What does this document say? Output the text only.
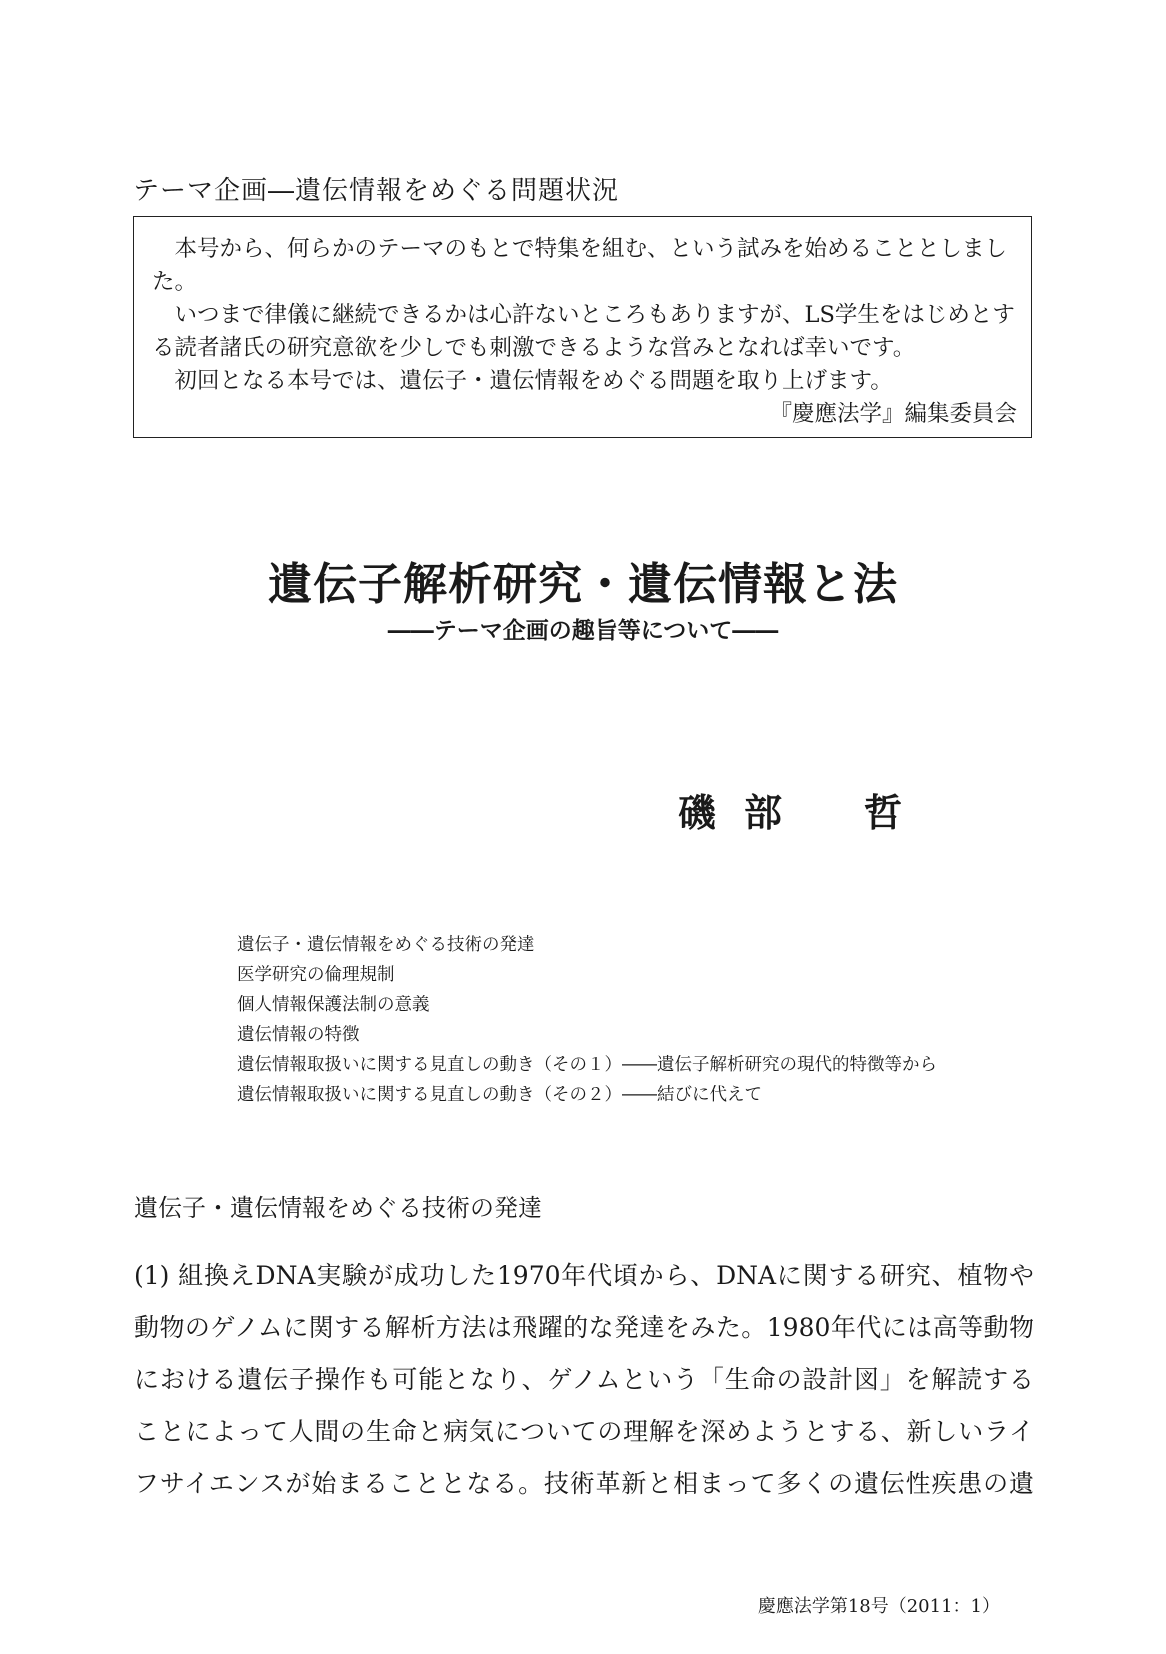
テーマ企画―遺伝情報をめぐる問題状況

本号から、何らかのテーマのもとで特集を組む、という試みを始めることとしました。

いつまで律儀に継続できるかは心許ないところもありますが、LS学生をはじめとする読者諸氏の研究意欲を少しでも刺激できるような営みとなれば幸いです。

初回となる本号では、遺伝子・遺伝情報をめぐる問題を取り上げます。

『慶應法学』編集委員会

遺伝子解析研究・遺伝情報と法
――テーマ企画の趣旨等について――
磯 部 哲
遺伝子・遺伝情報をめぐる技術の発達
医学研究の倫理規制
個人情報保護法制の意義
遺伝情報の特徴
遺伝情報取扱いに関する見直しの動き（その１）――遺伝子解析研究の現代的特徴等から
遺伝情報取扱いに関する見直しの動き（その２）――結びに代えて
遺伝子・遺伝情報をめぐる技術の発達
(1) 組換えDNA実験が成功した1970年代頃から、DNAに関する研究、植物や
動物のゲノムに関する解析方法は飛躍的な発達をみた。1980年代には高等動物
における遺伝子操作も可能となり、ゲノムという「生命の設計図」を解読する
ことによって人間の生命と病気についての理解を深めようとする、新しいライ
フサイエンスが始まることとなる。技術革新と相まって多くの遺伝性疾患の遺
慶應法学第18号（2011：1）
